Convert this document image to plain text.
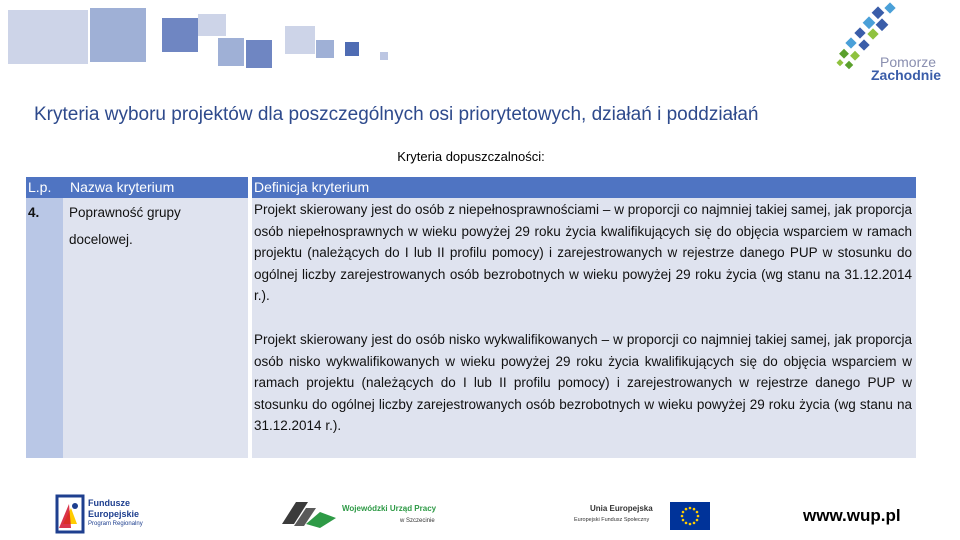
Pomorze
Zachodnie
Kryteria wyboru projektów dla poszczególnych osi priorytetowych, działań i poddziałań
Kryteria dopuszczalności:
L.p. Nazwa kryterium	Definicja kryterium
4. Poprawność grupy
docelowej.
Projekt skierowany jest do osób z niepełnosprawnościami – w proporcji co najmniej takiej samej, jak proporcja osób niepełnosprawnych w wieku powyżej 29 roku życia kwalifikujących się do objęcia wsparciem w ramach projektu (należących do I lub II profilu pomocy) i zarejestrowanych w rejestrze danego PUP w stosunku do ogólnej liczby zarejestrowanych osób bezrobotnych w wieku powyżej 29 roku życia (wg stanu na 31.12.2014 r.).
Projekt skierowany jest do osób nisko wykwalifikowanych – w proporcji co najmniej takiej samej, jak proporcja osób nisko wykwalifikowanych w wieku powyżej 29 roku życia kwalifikujących się do objęcia wsparciem w ramach projektu (należących do I lub II profilu pomocy) i zarejestrowanych w rejestrze danego PUP w stosunku do ogólnej liczby zarejestrowanych osób bezrobotnych w wieku powyżej 29 roku życia (wg stanu na 31.12.2014 r.).
Fundusze
Europejskie
Program Regionalny
Wojewódzki Urząd Pracy
w Szczecinie
Unia Europejska
Europejski Fundusz Społeczny	www.wup.pl
